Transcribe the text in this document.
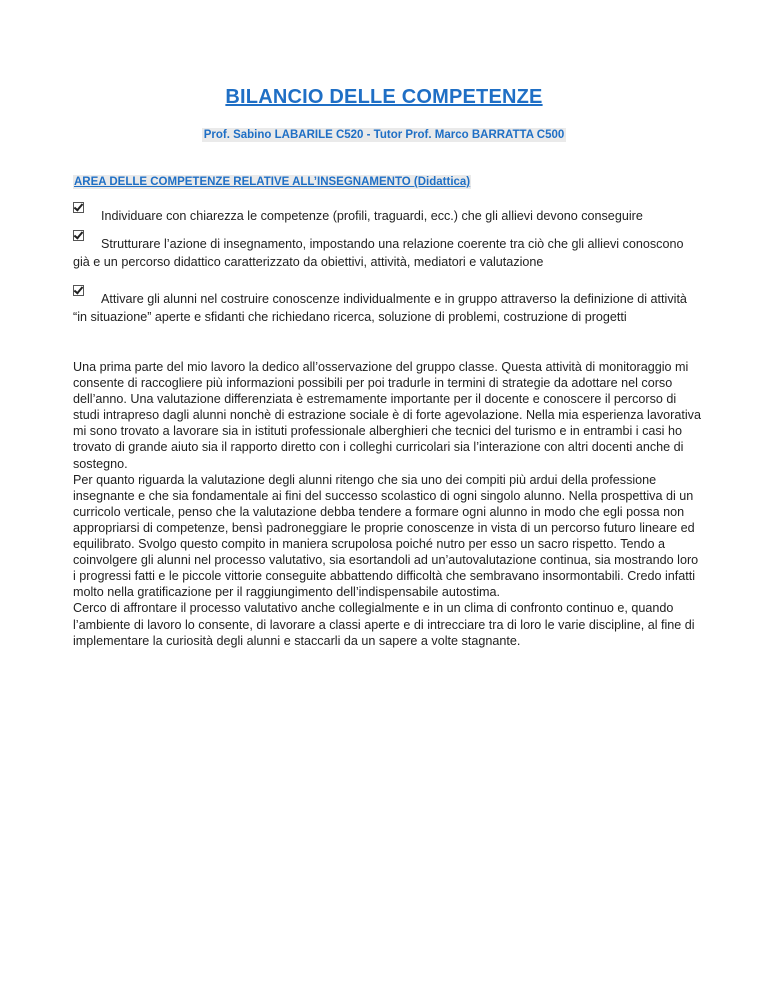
BILANCIO DELLE COMPETENZE
Prof. Sabino LABARILE C520 - Tutor Prof. Marco BARRATTA C500
AREA DELLE COMPETENZE RELATIVE ALL’INSEGNAMENTO (Didattica)
Individuare con chiarezza le competenze (profili, traguardi, ecc.) che gli allievi devono conseguire
Strutturare l’azione di insegnamento, impostando una relazione coerente tra ciò che gli allievi conoscono già e un percorso didattico caratterizzato da obiettivi, attività, mediatori e valutazione
Attivare gli alunni nel costruire conoscenze individualmente e in gruppo attraverso la definizione di attività “in situazione” aperte e sfidanti che richiedano ricerca, soluzione di problemi, costruzione di progetti

Una prima parte del mio lavoro la dedico all’osservazione del gruppo classe. Questa attività di monitoraggio mi consente di raccogliere più informazioni possibili per poi tradurle in termini di strategie da adottare nel corso dell’anno. Una valutazione differenziata è estremamente importante per il docente e conoscere il percorso di studi intrapreso dagli alunni nonchè di estrazione sociale è di forte agevolazione. Nella mia esperienza lavorativa mi sono trovato a lavorare sia in istituti professionale alberghieri che tecnici del turismo e in entrambi i casi ho trovato di grande aiuto sia il rapporto diretto con i colleghi curricolari sia l’interazione con altri docenti anche di sostegno.

Per quanto riguarda la valutazione degli alunni ritengo che sia uno dei compiti più ardui della professione insegnante e che sia fondamentale ai fini del successo scolastico di ogni singolo alunno. Nella prospettiva di un curricolo verticale, penso che la valutazione debba tendere a formare ogni alunno in modo che egli possa non appropriarsi di competenze, bensì padroneggiare le proprie conoscenze in vista di un percorso futuro lineare ed equilibrato. Svolgo questo compito in maniera scrupolosa poiché nutro per esso un sacro rispetto. Tendo a coinvolgere gli alunni nel processo valutativo, sia esortandoli ad un’autovalutazione continua, sia mostrando loro i progressi fatti e le piccole vittorie conseguite abbattendo difficoltà che sembravano insormontabili. Credo infatti molto nella gratificazione per il raggiungimento dell’indispensabile autostima.

Cerco di affrontare il processo valutativo anche collegialmente e in un clima di confronto continuo e, quando l’ambiente di lavoro lo consente, di lavorare a classi aperte e di intrecciare tra di loro le varie discipline, al fine di implementare la curiosità degli alunni e staccarli da un sapere a volte stagnante.
